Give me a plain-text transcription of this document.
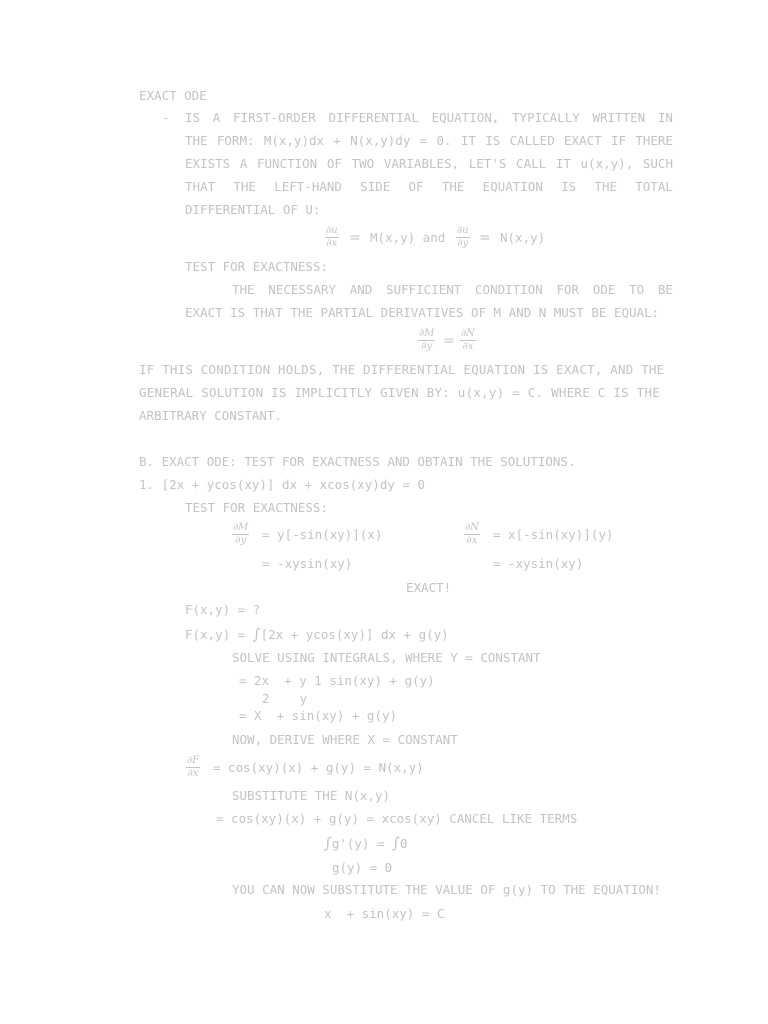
EXACT ODE
- IS A FIRST-ORDER DIFFERENTIAL EQUATION, TYPICALLY WRITTEN IN
THE FORM: M(x,y)dx + N(x,y)dy = 0. IT IS CALLED EXACT IF THERE
EXISTS A FUNCTION OF TWO VARIABLES, LET'S CALL IT u(x,y), SUCH
THAT THE LEFT-HAND SIDE OF THE EQUATION IS THE TOTAL
DIFFERENTIAL OF U:
$\frac{\partial u}{\partial x} = M(x,y)$ and $\frac{\partial u}{\partial y} = N(x,y)$
TEST FOR EXACTNESS:
THE NECESSARY AND SUFFICIENT CONDITION FOR ODE TO BE
EXACT IS THAT THE PARTIAL DERIVATIVES OF M AND N MUST BE EQUAL:
$\frac{\partial M}{\partial y} = \frac{\partial N}{\partial x}$
IF THIS CONDITION HOLDS, THE DIFFERENTIAL EQUATION IS EXACT, AND THE
GENERAL SOLUTION IS IMPLICITLY GIVEN BY: u(x,y) = C. WHERE C IS THE
ARBITRARY CONSTANT.
B. EXACT ODE: TEST FOR EXACTNESS AND OBTAIN THE SOLUTIONS.
1. [2x + ycos(xy)] dx + xcos(xy)dy = 0
TEST FOR EXACTNESS:
$\frac{\partial M}{\partial y} = y[-\sin(xy)](x)$
= -xysin(xy)
$\frac{\partial N}{\partial x} = x[-\sin(xy)](y)$
= -xysin(xy)
EXACT!
F(x,y) = ?
F(x,y) = ∫[2x + ycos(xy)] dx + g(y)
SOLVE USING INTEGRALS, WHERE Y = CONSTANT
= 2x  + y 1 sin(xy) + g(y)
2    y
= X  + sin(xy) + g(y)
NOW, DERIVE WHERE X = CONSTANT
$\frac{\partial F}{\partial x} = \cos(xy)(x) + g(y) = N(x,y)$
SUBSTITUTE THE N(x,y)
= cos(xy)(x) + g(y) = xcos(xy) CANCEL LIKE TERMS
∫g'(y) = ∫0
g(y) = 0
YOU CAN NOW SUBSTITUTE THE VALUE OF g(y) TO THE EQUATION!
x  + sin(xy) = C
